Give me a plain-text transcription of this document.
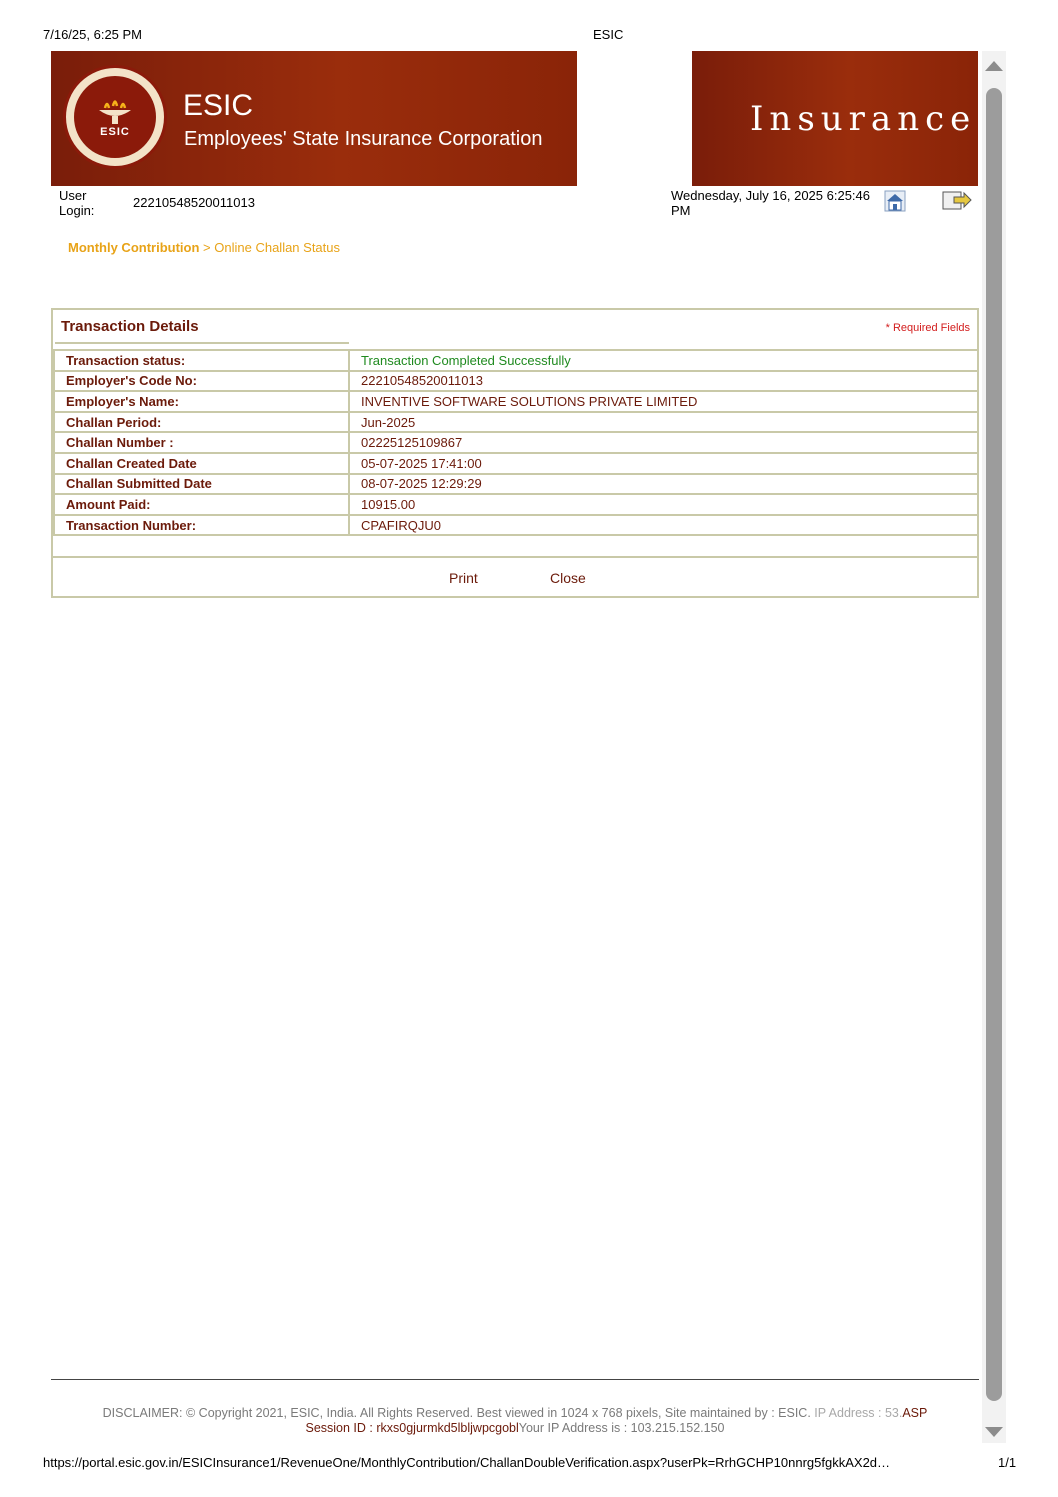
7/16/25, 6:25 PM	ESIC
ESIC
ESIC
Employees' State Insurance Corporation	Insurance
User Login:
22210548520011013	Wednesday, July 16, 2025 6:25:46 PM
Monthly Contribution > Online Challan Status
Transaction Details	* Required Fields
Transaction status:	Transaction Completed Successfully
Employer's Code No:	22210548520011013
Employer's Name:	INVENTIVE SOFTWARE SOLUTIONS PRIVATE LIMITED
Challan Period:	Jun-2025
Challan Number :	02225125109867
Challan Created Date	05-07-2025 17:41:00
Challan Submitted Date	08-07-2025 12:29:29
Amount Paid:	10915.00
Transaction Number:	CPAFIRQJU0
Print	Close
DISCLAIMER: © Copyright 2021, ESIC, India. All Rights Reserved. Best viewed in 1024 x 768 pixels, Site maintained by : ESIC. IP Address : 53.ASP
Session ID : rkxs0gjurmkd5lbljwpcgoblYour IP Address is : 103.215.152.150
https://portal.esic.gov.in/ESICInsurance1/RevenueOne/MonthlyContribution/ChallanDoubleVerification.aspx?userPk=RrhGCHP10nnrg5fgkkAX2d…	1/1
